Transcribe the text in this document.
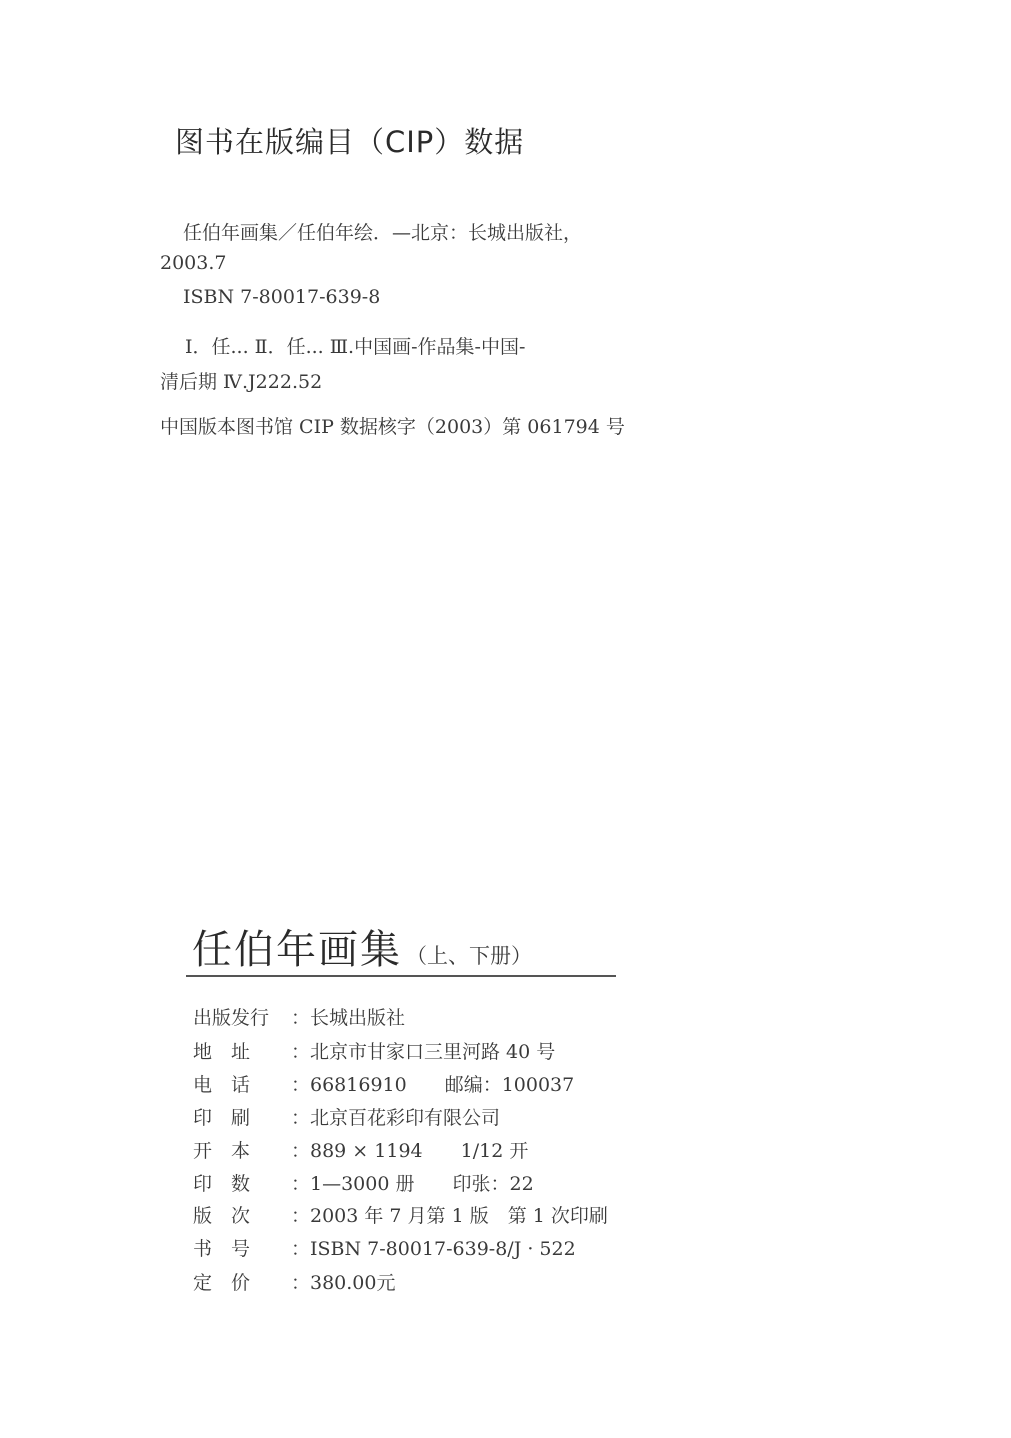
图书在版编目（CIP）数据
任伯年画集／任伯年绘．—北京：长城出版社，
2003.7
ISBN 7-80017-639-8
Ⅰ．任... Ⅱ．任... Ⅲ.中国画-作品集-中国-
清后期 Ⅳ.J222.52
中国版本图书馆 CIP 数据核字（2003）第 061794 号
任伯年画集 （上、下册）
出版发行	：长城出版社
地　址	：北京市甘家口三里河路 40 号
电　话	：66816910　　邮编：100037
印　刷	：北京百花彩印有限公司
开　本	：889 × 1194　　1/12 开
印　数	：1—3000 册　　印张：22
版　次	：2003 年 7 月第 1 版　第 1 次印刷
书　号	：ISBN 7-80017-639-8/J · 522
定　价	：380.00元
